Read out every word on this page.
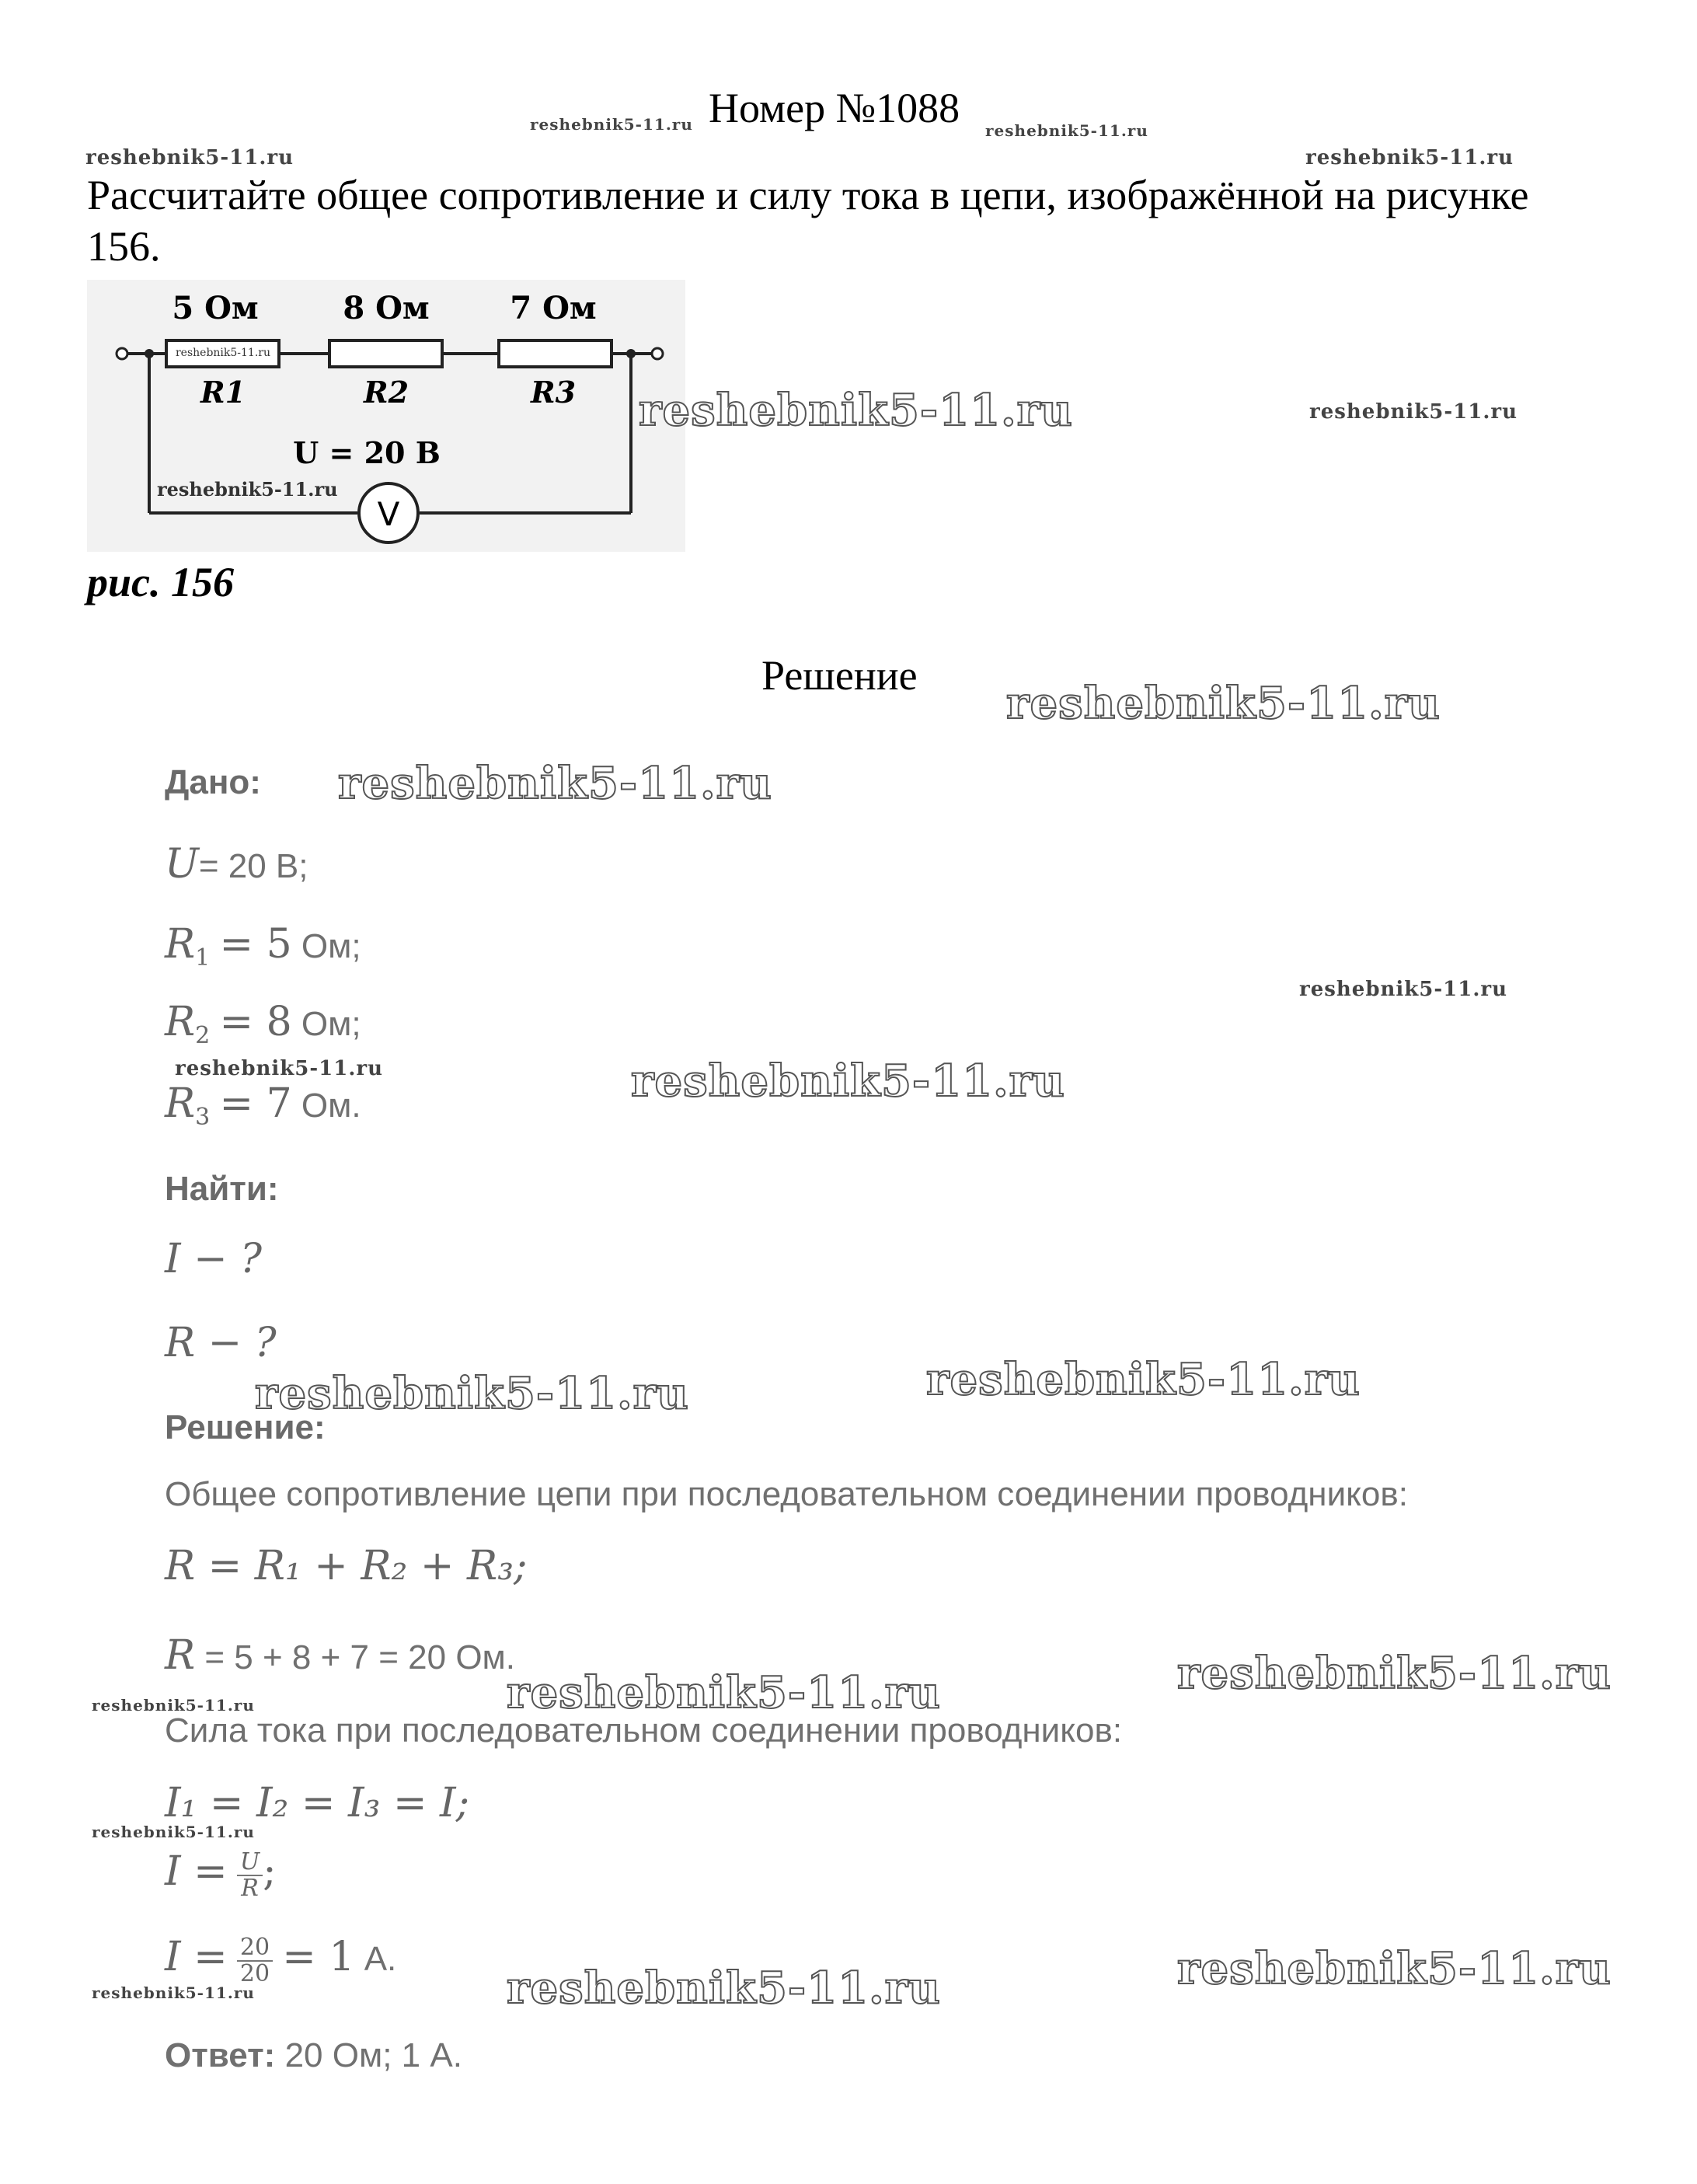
reshebnik5-11.ru Номер №1088 reshebnik5-11.ru
reshebnik5-11.ru	reshebnik5-11.ru
Рассчитайте общее сопротивление и силу тока в цепи, изображённой на рисунке 156.
V
5 Ом	8 Ом	7 Ом
R1	R2	R3
U = 20 В
reshebnik5-11.ru
reshebnik5-11.ru
reshebnik5-11.ru	reshebnik5-11.ru
рис. 156
Решение
reshebnik5-11.ru
Дано: reshebnik5-11.ru
U= 20 В;
$R_1 = 5$ Ом;
reshebnik5-11.ru
$R_2 = 8$ Ом;
reshebnik5-11.ru	reshebnik5-11.ru
$R_3 = 7$ Ом.
Найти:
I − ?
R − ?
reshebnik5-11.ru
reshebnik5-11.ru
Решение:
Общее сопротивление цепи при последовательном соединении проводников:
R = R₁ + R₂ + R₃;
R = 5 + 8 + 7 = 20 Ом.	reshebnik5-11.ru
reshebnik5-11.ru
reshebnik5-11.ru
Сила тока при последовательном соединении проводников:
I₁ = I₂ = I₃ = I;
reshebnik5-11.ru
$I = \frac{U}{R}$ ;
$I = \frac{20}{20} = 1$ А.	reshebnik5-11.ru
reshebnik5-11.ru
reshebnik5-11.ru
Ответ: 20 Ом; 1 А.
